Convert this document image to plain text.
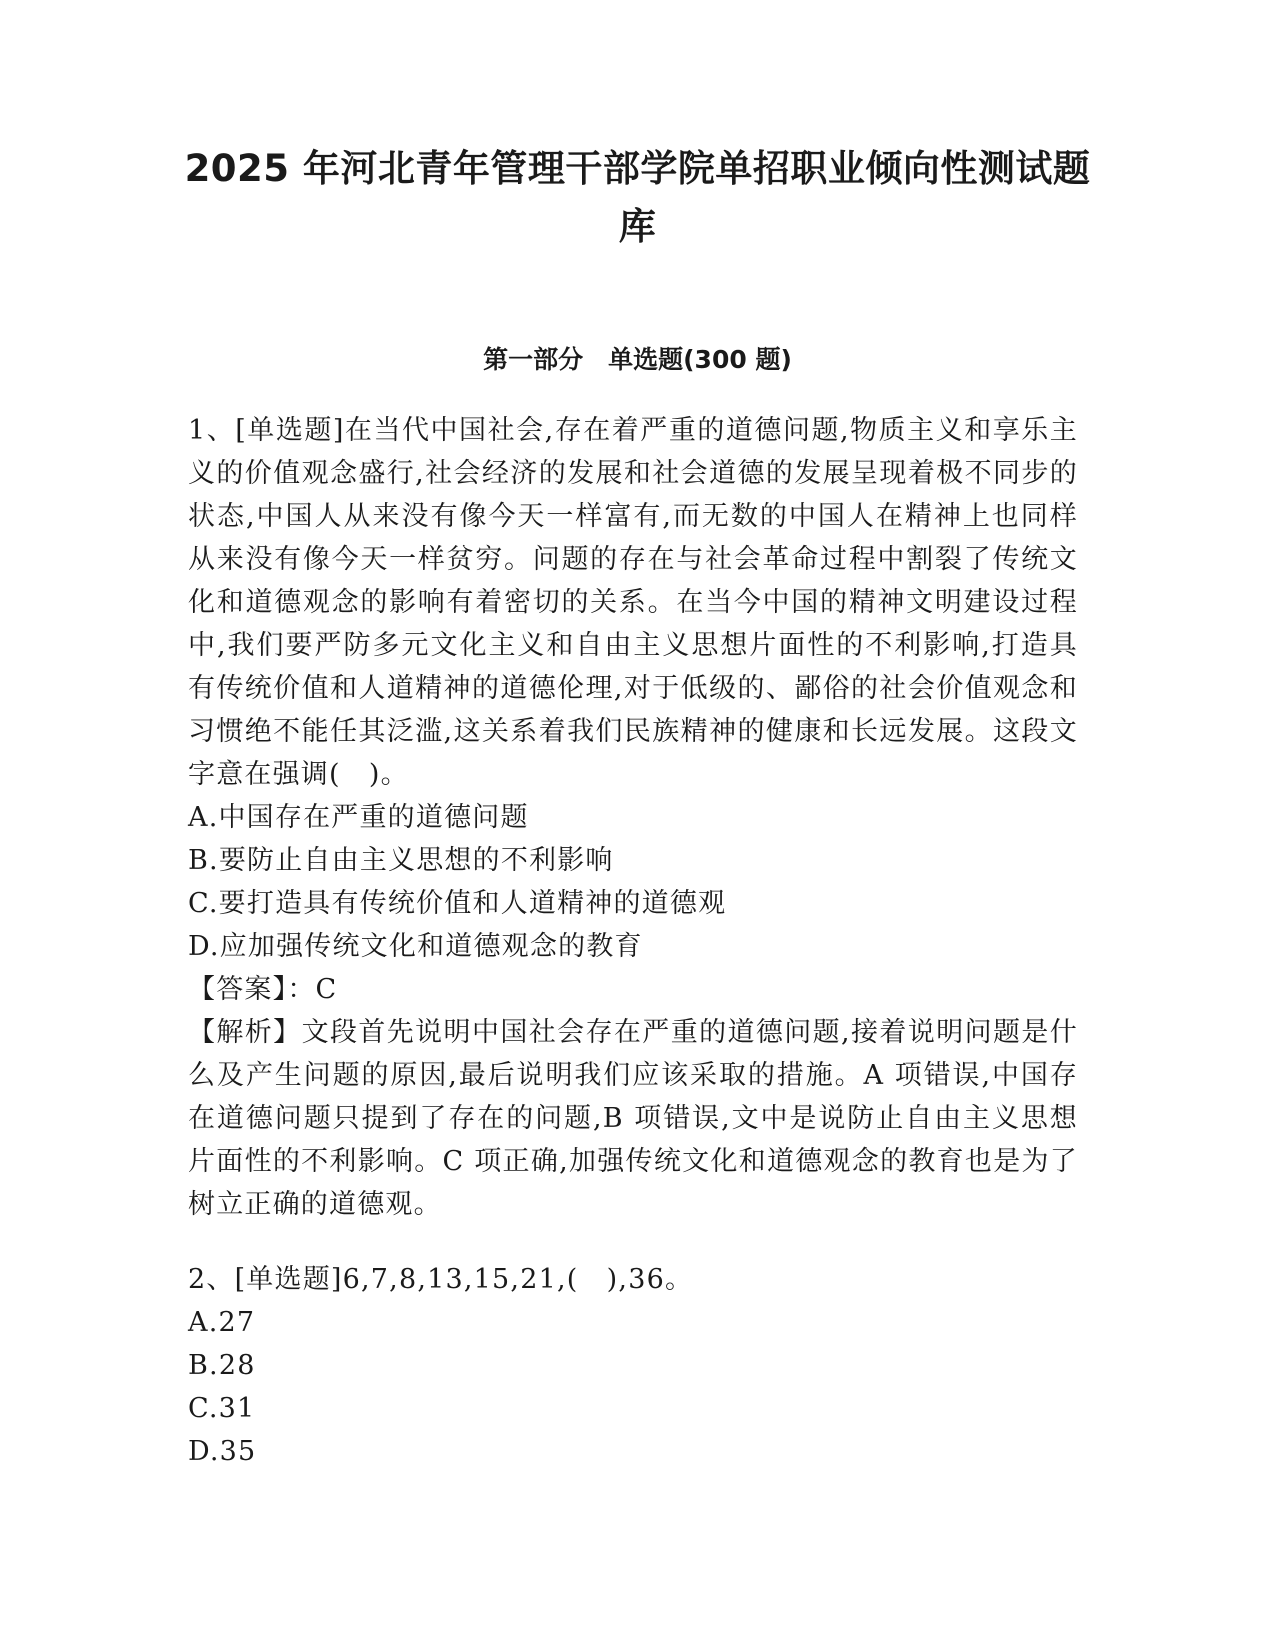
2025 年河北青年管理干部学院单招职业倾向性测试题
库
第一部分　单选题(300 题)

1、[单选题]在当代中国社会,存在着严重的道德问题,物质主义和享乐主义的价值观念盛行,社会经济的发展和社会道德的发展呈现着极不同步的状态,中国人从来没有像今天一样富有,而无数的中国人在精神上也同样从来没有像今天一样贫穷。问题的存在与社会革命过程中割裂了传统文化和道德观念的影响有着密切的关系。在当今中国的精神文明建设过程中,我们要严防多元文化主义和自由主义思想片面性的不利影响,打造具有传统价值和人道精神的道德伦理,对于低级的、鄙俗的社会价值观念和习惯绝不能任其泛滥,这关系着我们民族精神的健康和长远发展。这段文字意在强调(　)。

A.中国存在严重的道德问题

B.要防止自由主义思想的不利影响

C.要打造具有传统价值和人道精神的道德观

D.应加强传统文化和道德观念的教育

【答案】：C

【解析】文段首先说明中国社会存在严重的道德问题,接着说明问题是什么及产生问题的原因,最后说明我们应该采取的措施。A 项错误,中国存在道德问题只提到了存在的问题,B 项错误,文中是说防止自由主义思想片面性的不利影响。C 项正确,加强传统文化和道德观念的教育也是为了树立正确的道德观。

2、[单选题]6,7,8,13,15,21,(　),36。

A.27

B.28

C.31

D.35
